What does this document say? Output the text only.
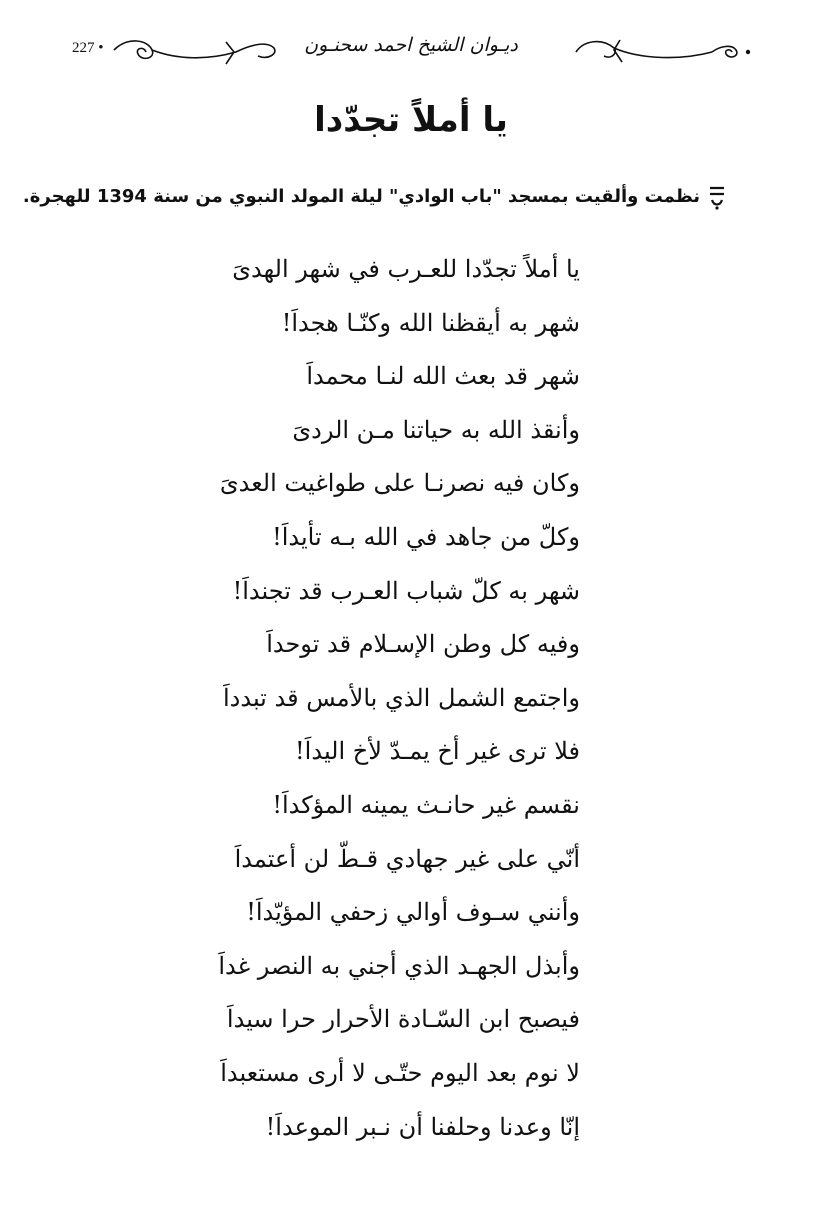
227 •	ديـوان الشيخ احمد سحنـون
يا أملاً تجدّدا
نظمت وألقيت بمسجد "باب الوادي" ليلة المولد النبوي من سنة 1394 للهجرة.
يا أملاً تجدّدا للعـرب في شهر الهدىَ
شهر به أيقظنا الله وكنّـا هجداَ!
شهر قد بعث الله لنـا محمداَ
وأنقذ الله به حياتنا مـن الردىَ
وكان فيه نصرنـا على طواغيت العدىَ
وكلّ من جاهد في الله بـه تأيداَ!
شهر به كلّ شباب العـرب قد تجنداَ!
وفيه كل وطن الإسـلام قد توحداَ
واجتمع الشمل الذي بالأمس قد تبدداَ
فلا ترى غير أخ يمـدّ لأخ اليداَ!
نقسم غير حانـث يمينه المؤكداَ!
أنّي على غير جهادي قـطّ لن أعتمداَ
وأنني سـوف أوالي زحفي المؤيّداَ!
وأبذل الجهـد الذي أجني به النصر غداَ
فيصبح ابن السّـادة الأحرار حرا سيداَ
لا نوم بعد اليوم حتّـى لا أرى مستعبداَ
إنّا وعدنا وحلفنا أن نـبر الموعداَ!
